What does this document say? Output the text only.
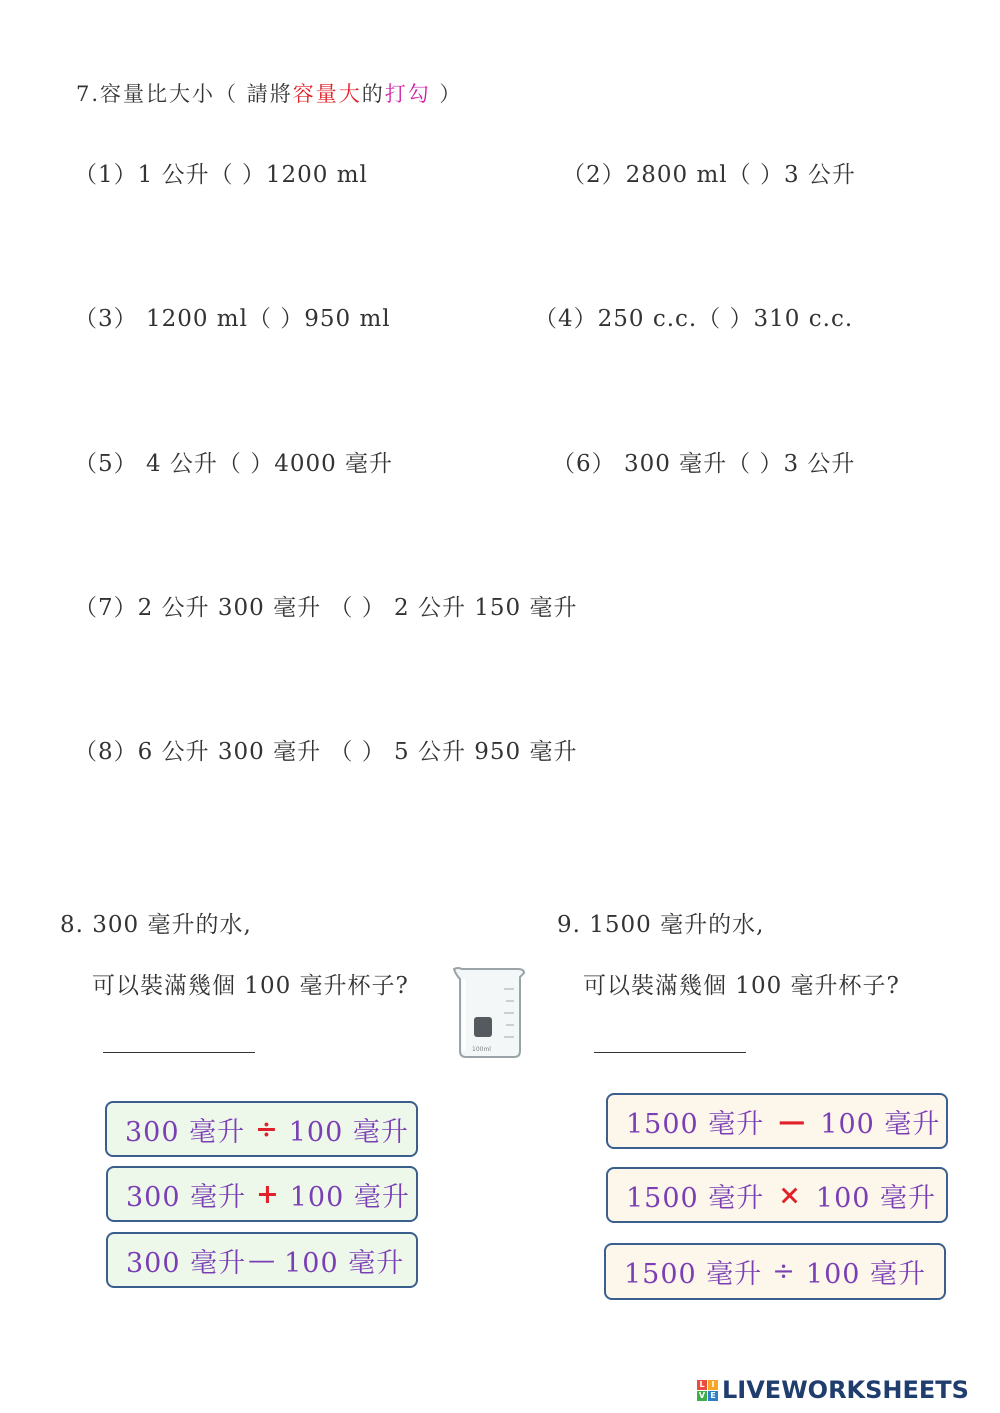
7.容量比大小（ 請將容量大的打勾 ）
（1）1 公升（ ）1200 ml	（2）2800 ml（ ）3 公升
（3） 1200 ml（ ）950 ml	（4）250 c.c.（ ）310 c.c.
（5） 4 公升（ ）4000 毫升	（6） 300 毫升（ ）3 公升
（7）2 公升 300 毫升 （ ） 2 公升 150 毫升
（8）6 公升 300 毫升 （ ） 5 公升 950 毫升
8. 300 毫升的水,
可以裝滿幾個 100 毫升杯子?
300 毫升 ÷ 100 毫升
300 毫升 + 100 毫升
300 毫升 — 100 毫升
100ml
9. 1500 毫升的水,
可以裝滿幾個 100 毫升杯子?
1500 毫升 — 100 毫升
1500 毫升 × 100 毫升
1500 毫升 ÷ 100 毫升
L I
V E LIVEWORKSHEETS
